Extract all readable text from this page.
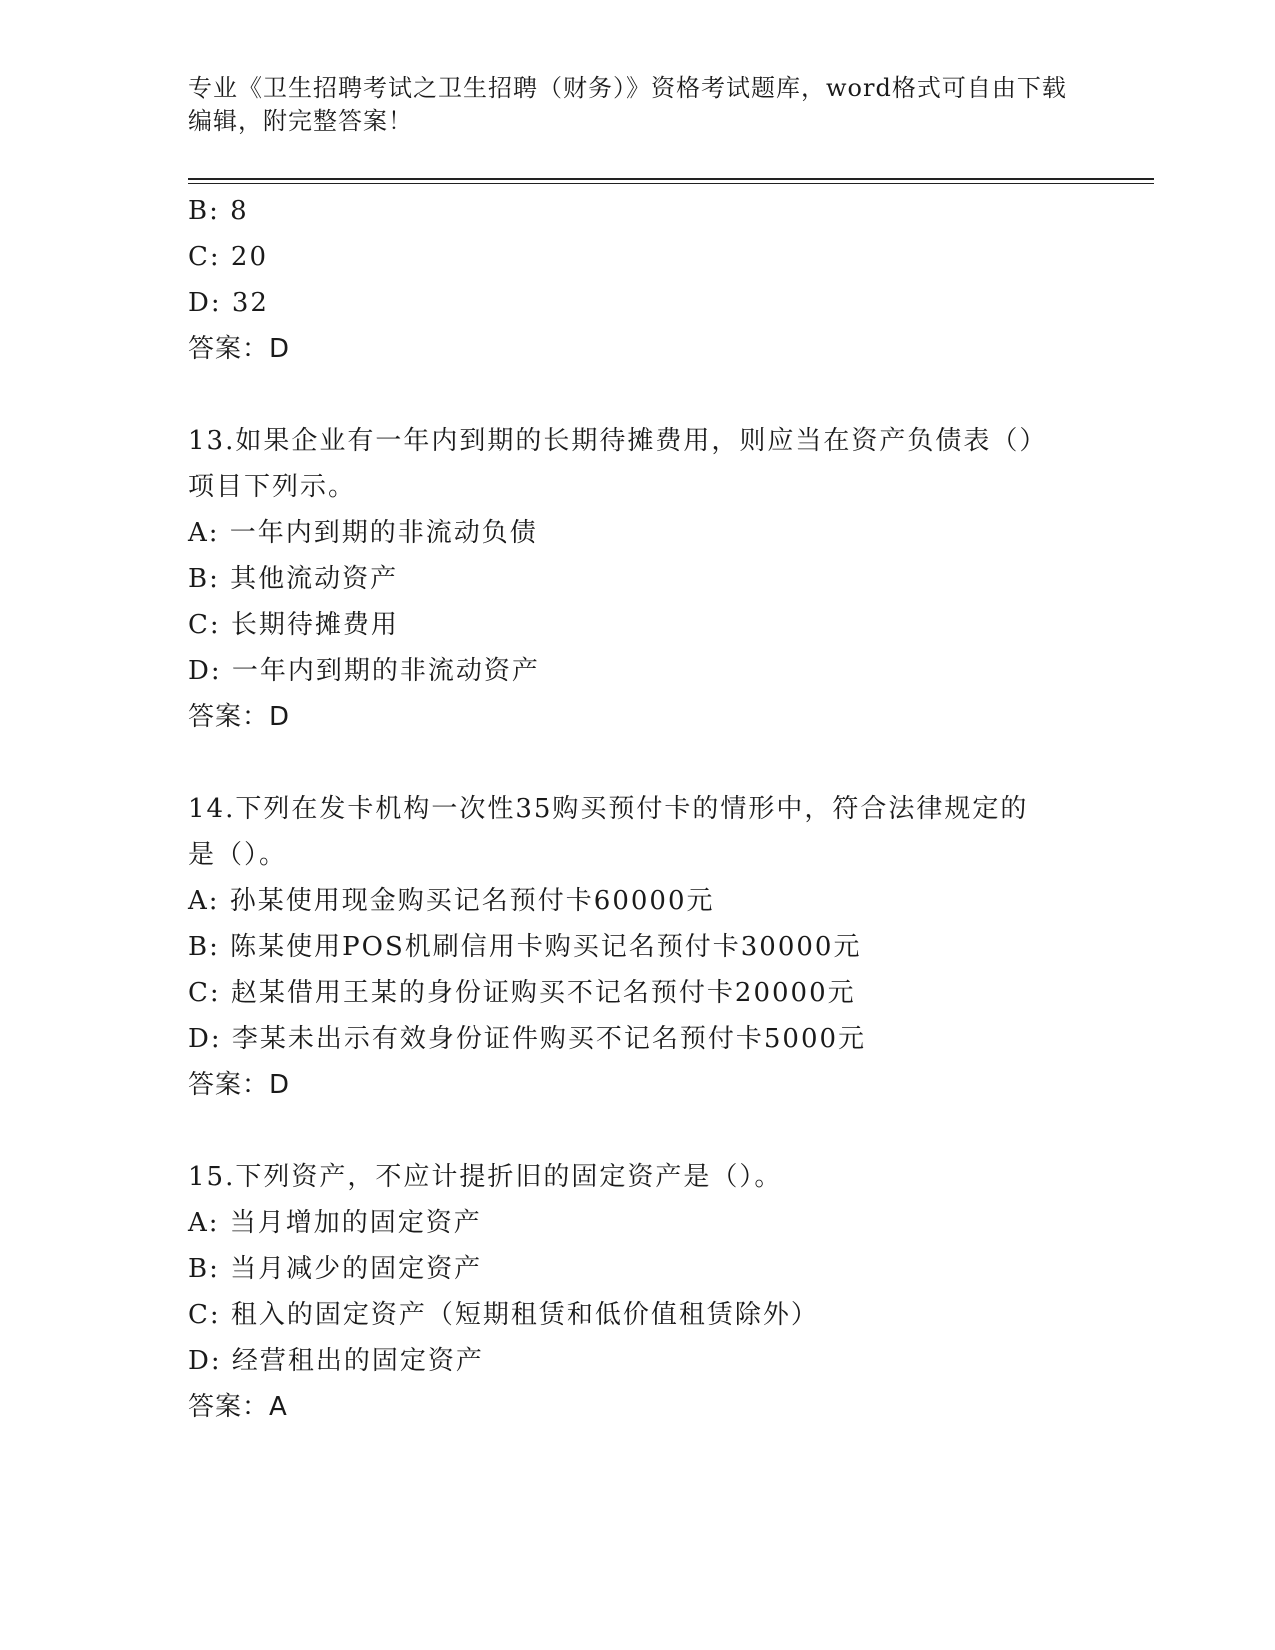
专业《卫生招聘考试之卫生招聘（财务）》资格考试题库，word格式可自由下载
编辑，附完整答案！
B: 8
C: 20
D: 32
答案：D
13.如果企业有一年内到期的长期待摊费用，则应当在资产负债表（）
项目下列示。
A: 一年内到期的非流动负债
B: 其他流动资产
C: 长期待摊费用
D: 一年内到期的非流动资产
答案：D
14.下列在发卡机构一次性35购买预付卡的情形中，符合法律规定的
是（）。
A: 孙某使用现金购买记名预付卡60000元
B: 陈某使用POS机刷信用卡购买记名预付卡30000元
C: 赵某借用王某的身份证购买不记名预付卡20000元
D: 李某未出示有效身份证件购买不记名预付卡5000元
答案：D
15.下列资产，不应计提折旧的固定资产是（）。
A: 当月增加的固定资产
B: 当月减少的固定资产
C: 租入的固定资产（短期租赁和低价值租赁除外）
D: 经营租出的固定资产
答案：A
